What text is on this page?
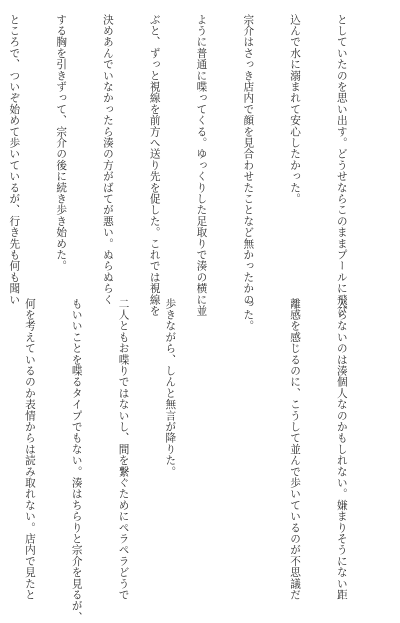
としていたのを思い出す。どうせならこのままプールに飛び

込んで水に溺まれて安心したかった。

宗介はさっき店内で顔を見合わせたことなど無かったかの

ように普通に喋ってくる。ゆっくりした足取りで湊の横に並

ぶと、ずっと視線を前方へ送り先を促した。これでは視線を

決めあんでいなかったら湊の方がばてが悪い。ぬらぬらく

する胸を引きずって、宗介の後に続き歩き始めた。

ところで、ついぞ始めて歩いているが、行き先も何も聞い

入らないのは湊個人なのかもしれない。嫌まりそうにない距

離感を感じるのに、こうして並んで歩いているのが不思議だ

った。

歩きながら、しんと無言が降りた。

二人ともお喋りではないし、間を繋ぐためにペラペラどうで

もいいことを喋るタイプでもない。湊はちらりと宗介を見るが、

何を考えているのか表情からは読み取れない。店内で見たと
